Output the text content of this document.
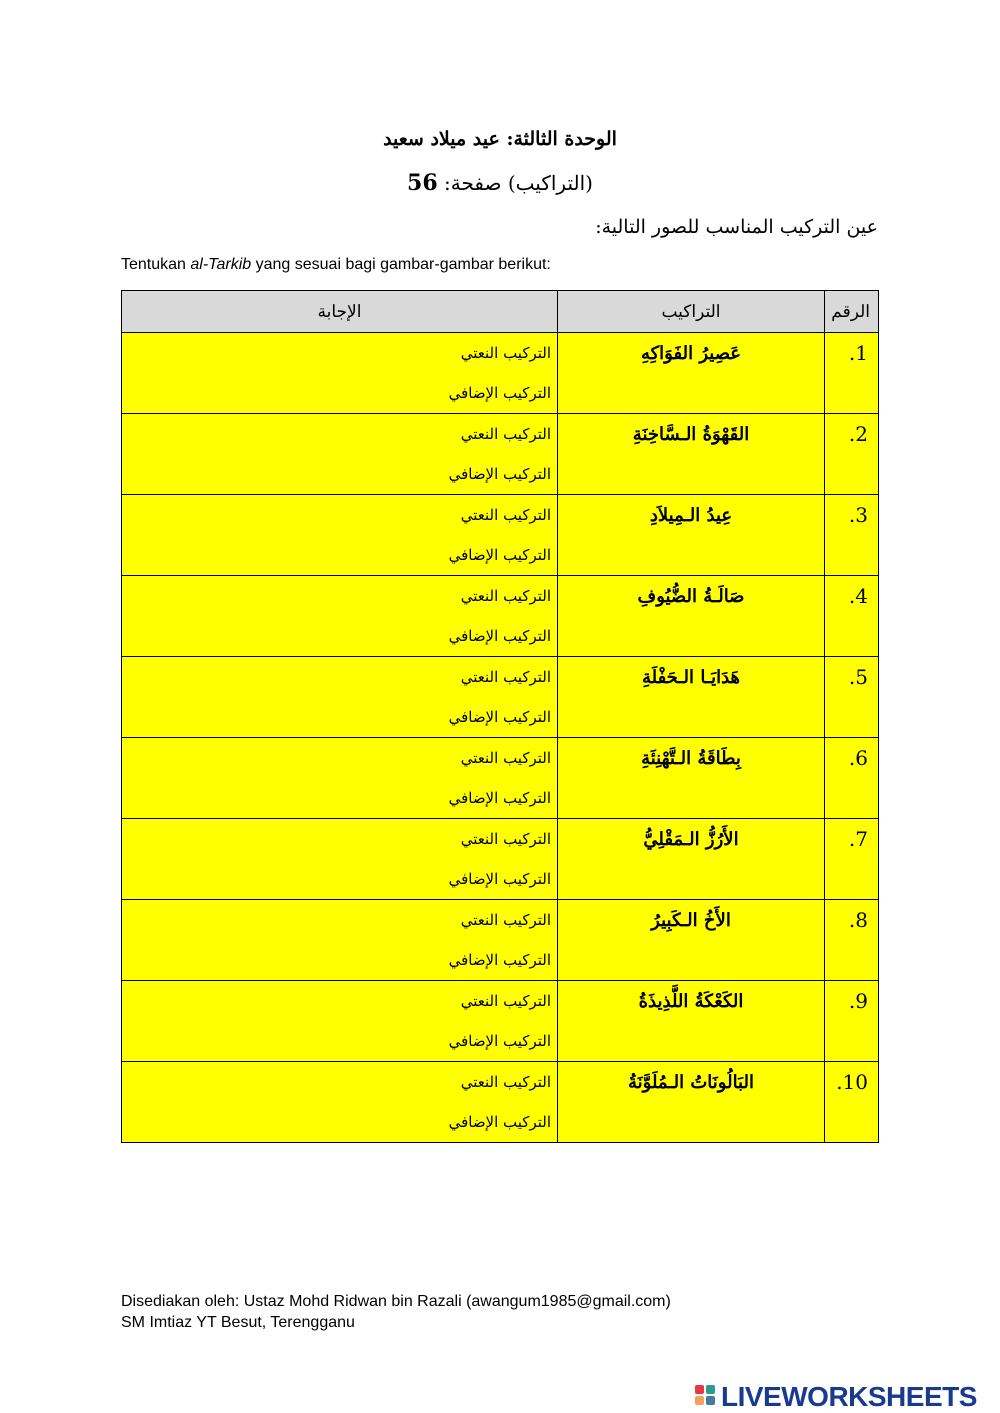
الوحدة الثالثة: عيد ميلاد سعيد
(التراكيب) صفحة: 56
عين التركيب المناسب للصور التالية:
Tentukan al-Tarkib yang sesuai bagi gambar-gambar berikut:
الإجابة	التراكيب	الرقم

التركيب النعتي
التركيب الإضافي	عَصِيرُ الفَوَاكِهِ	.1

التركيب النعتي
التركيب الإضافي	القَهْوَةُ الـسَّاخِنَةِ	.2

التركيب النعتي
التركيب الإضافي	عِيدُ الـمِيلاَدِ	.3

التركيب النعتي
التركيب الإضافي	صَالَـةُ الضُّيُوفِ	.4

التركيب النعتي
التركيب الإضافي	هَدَايَـا الـحَفْلَةِ	.5

التركيب النعتي
التركيب الإضافي	بِطَاقَةُ الـتَّهْنِئَةِ	.6

التركيب النعتي
التركيب الإضافي	الأَرُزُّ الـمَقْلِيُّ	.7

التركيب النعتي
التركيب الإضافي	الأَخُ الـكَبِيرُ	.8

التركيب النعتي
التركيب الإضافي	الكَعْكَةُ اللَّذِيذَةُ	.9

التركيب النعتي
التركيب الإضافي	البَالُونَاتُ الـمُلَوَّنَةُ	.10
Disediakan oleh: Ustaz Mohd Ridwan bin Razali (awangum1985@gmail.com)
SM Imtiaz YT Besut, Terengganu
LIVEWORKSHEETS
